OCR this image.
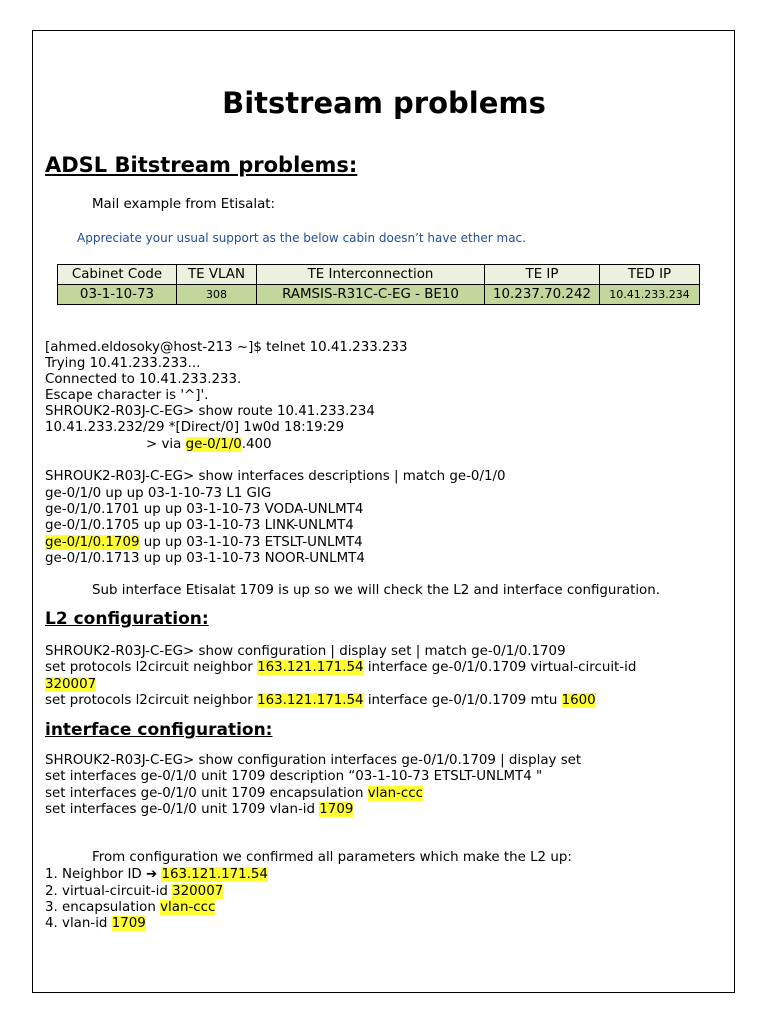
Bitstream problems
ADSL Bitstream problems:
Mail example from Etisalat:
Appreciate your usual support as the below cabin doesn’t have ether mac.
Cabinet Code	TE VLAN	TE Interconnection	TE IP	TED IP
03-1-10-73	308	RAMSIS-R31C-C-EG - BE10	10.237.70.242	10.41.233.234
[ahmed.eldosoky@host-213 ~]$ telnet 10.41.233.233
Trying 10.41.233.233...
Connected to 10.41.233.233.
Escape character is '^]'.
SHROUK2-R03J-C-EG> show route 10.41.233.234
10.41.233.232/29 *[Direct/0] 1w0d 18:19:29
> via ge-0/1/0.400
SHROUK2-R03J-C-EG> show interfaces descriptions | match ge-0/1/0
ge-0/1/0 up up 03-1-10-73 L1 GIG
ge-0/1/0.1701 up up 03-1-10-73 VODA-UNLMT4
ge-0/1/0.1705 up up 03-1-10-73 LINK-UNLMT4
ge-0/1/0.1709 up up 03-1-10-73 ETSLT-UNLMT4
ge-0/1/0.1713 up up 03-1-10-73 NOOR-UNLMT4
Sub interface Etisalat 1709 is up so we will check the L2 and interface configuration.
L2 configuration:
SHROUK2-R03J-C-EG> show configuration | display set | match ge-0/1/0.1709
set protocols l2circuit neighbor 163.121.171.54 interface ge-0/1/0.1709 virtual-circuit-id
320007
set protocols l2circuit neighbor 163.121.171.54 interface ge-0/1/0.1709 mtu 1600
interface configuration:
SHROUK2-R03J-C-EG> show configuration interfaces ge-0/1/0.1709 | display set
set interfaces ge-0/1/0 unit 1709 description “03-1-10-73 ETSLT-UNLMT4 "
set interfaces ge-0/1/0 unit 1709 encapsulation vlan-ccc
set interfaces ge-0/1/0 unit 1709 vlan-id 1709
From configuration we confirmed all parameters which make the L2 up:
1. Neighbor ID ➔ 163.121.171.54
2. virtual-circuit-id 320007
3. encapsulation vlan-ccc
4. vlan-id 1709
